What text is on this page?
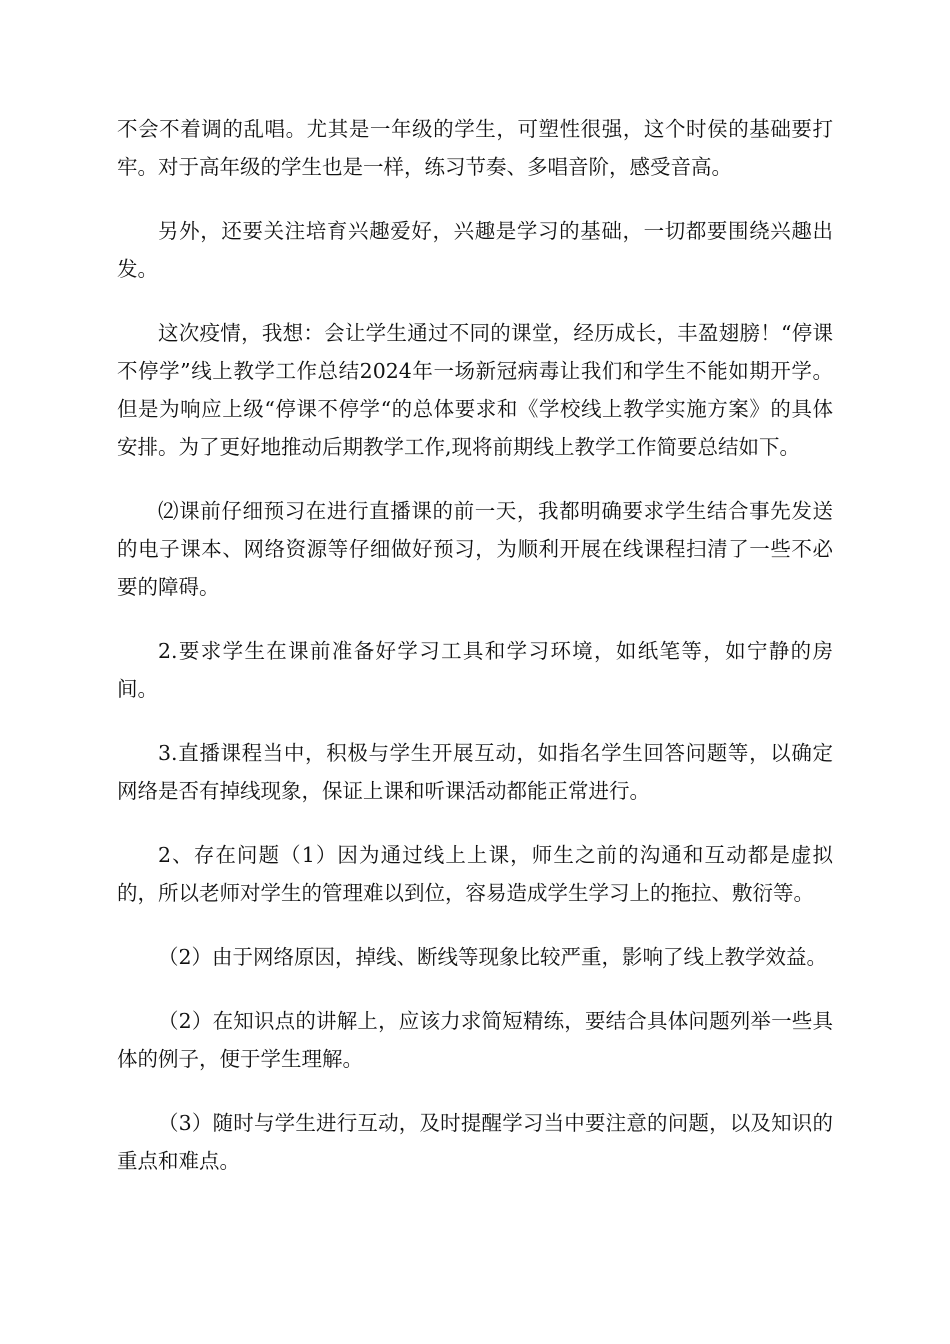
不会不着调的乱唱。尤其是一年级的学生，可塑性很强，这个时侯的基础要打牢。对于高年级的学生也是一样，练习节奏、多唱音阶，感受音高。

另外，还要关注培育兴趣爱好，兴趣是学习的基础，一切都要围绕兴趣出发。

这次疫情，我想：会让学生通过不同的课堂，经历成长，丰盈翅膀！“停课不停学”线上教学工作总结2024年一场新冠病毒让我们和学生不能如期开学。但是为响应上级“停课不停学“的总体要求和《学校线上教学实施方案》的具体安排。为了更好地推动后期教学工作,现将前期线上教学工作简要总结如下。

⑵课前仔细预习在进行直播课的前一天，我都明确要求学生结合事先发送的电子课本、网络资源等仔细做好预习，为顺利开展在线课程扫清了一些不必要的障碍。

2.要求学生在课前准备好学习工具和学习环境，如纸笔等，如宁静的房间。

3.直播课程当中，积极与学生开展互动，如指名学生回答问题等，以确定网络是否有掉线现象，保证上课和听课活动都能正常进行。

2、存在问题（1）因为通过线上上课，师生之前的沟通和互动都是虚拟的，所以老师对学生的管理难以到位，容易造成学生学习上的拖拉、敷衍等。

（2）由于网络原因，掉线、断线等现象比较严重，影响了线上教学效益。

（2）在知识点的讲解上，应该力求简短精练，要结合具体问题列举一些具体的例子，便于学生理解。

（3）随时与学生进行互动，及时提醒学习当中要注意的问题，以及知识的重点和难点。
